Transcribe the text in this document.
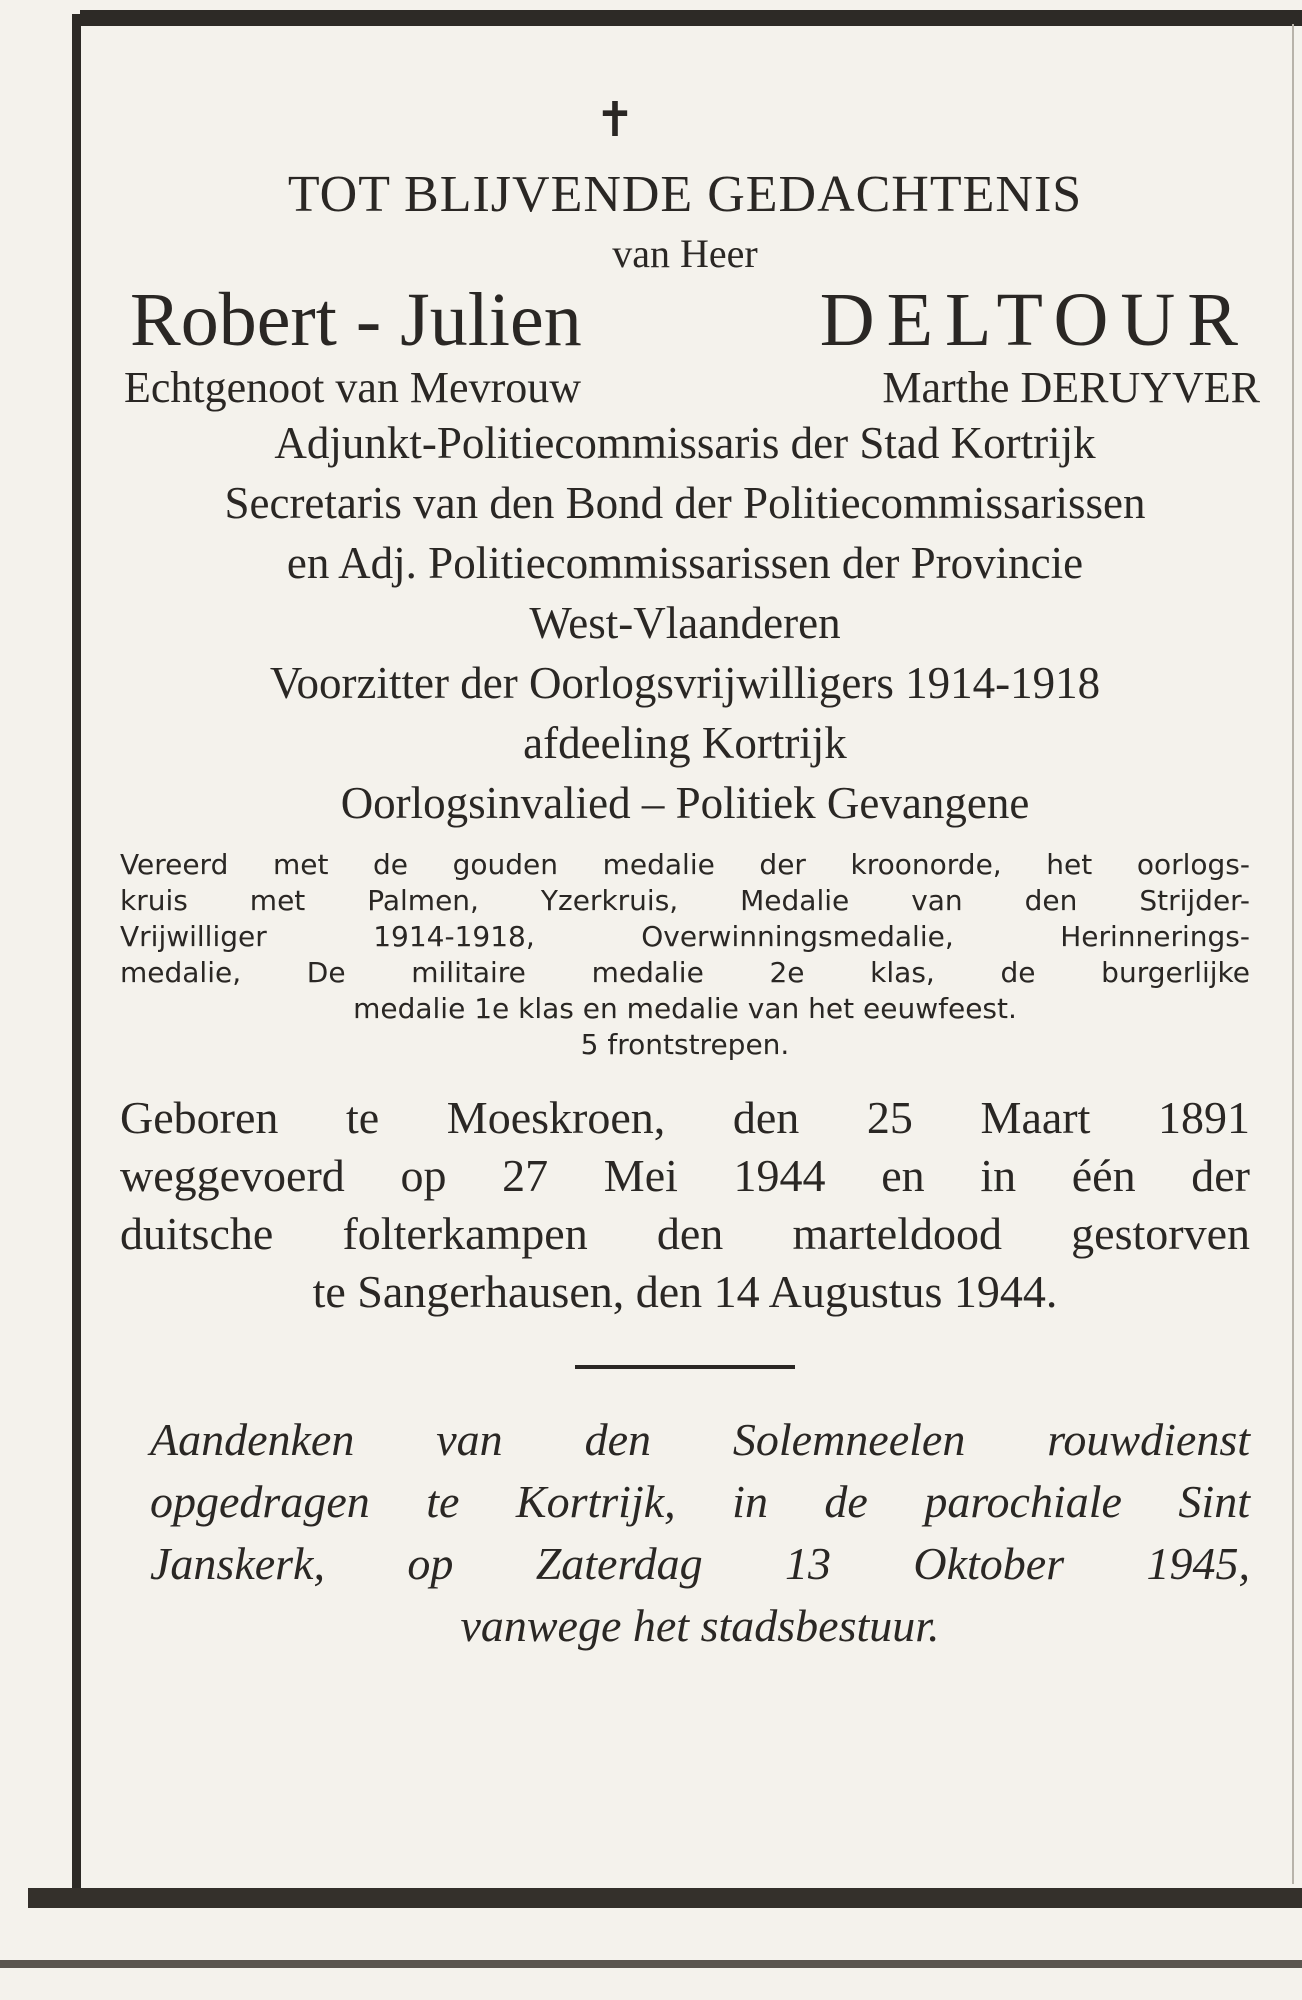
✝
TOT BLIJVENDE GEDACHTENIS
van Heer
Robert - Julien	DELTOUR
Echtgenoot van Mevrouw	Marthe DERUYVER
Adjunkt-Politiecommissaris der Stad Kortrijk
Secretaris van den Bond der Politiecommissarissen
en Adj. Politiecommissarissen der Provincie
West-Vlaanderen
Voorzitter der Oorlogsvrijwilligers 1914-1918
afdeeling Kortrijk
Oorlogsinvalied – Politiek Gevangene
Vereerd met de gouden medalie der kroonorde, het oorlogs-
kruis met Palmen, Yzerkruis, Medalie van den Strijder-
Vrijwilliger 1914-1918, Overwinningsmedalie, Herinnerings-
medalie, De militaire medalie 2e klas, de burgerlijke
medalie 1e klas en medalie van het eeuwfeest.
5 frontstrepen.
Geboren te Moeskroen, den 25 Maart 1891
weggevoerd op 27 Mei 1944 en in één der
duitsche folterkampen den marteldood gestorven
te Sangerhausen, den 14 Augustus 1944.
Aandenken van den Solemneelen rouwdienst
opgedragen te Kortrijk, in de parochiale Sint
Janskerk, op Zaterdag 13 Oktober 1945,
vanwege het stadsbestuur.
